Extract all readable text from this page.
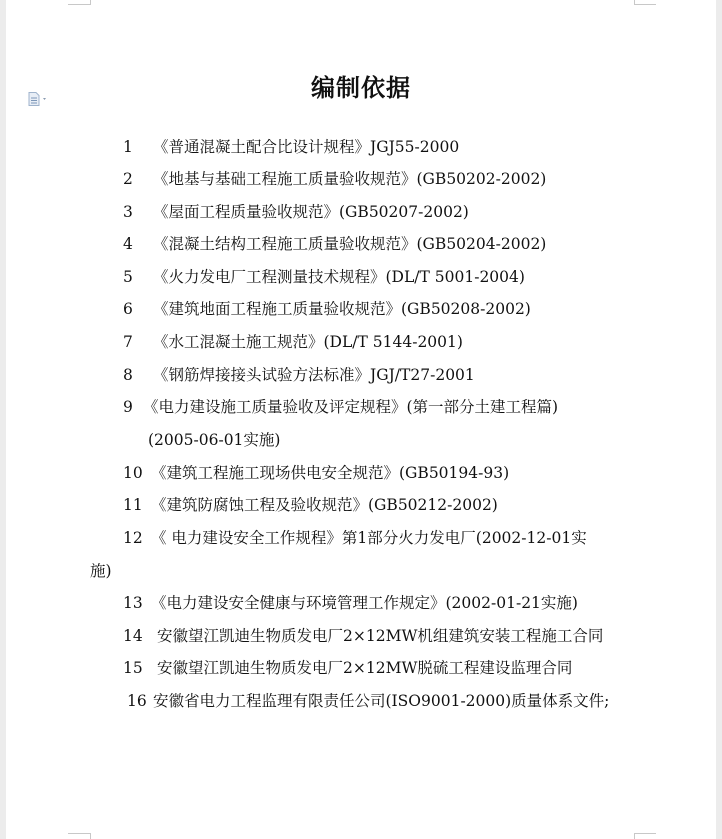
编制依据
1 《普通混凝土配合比设计规程》JGJ55-2000
2 《地基与基础工程施工质量验收规范》(GB50202-2002)
3 《屋面工程质量验收规范》(GB50207-2002)
4 《混凝土结构工程施工质量验收规范》(GB50204-2002)
5 《火力发电厂工程测量技术规程》(DL/T 5001-2004)
6 《建筑地面工程施工质量验收规范》(GB50208-2002)
7 《水工混凝土施工规范》(DL/T 5144-2001)
8 《钢筋焊接接头试验方法标准》JGJ/T27-2001
9 《电力建设施工质量验收及评定规程》(第一部分土建工程篇)
(2005-06-01实施)
10 《建筑工程施工现场供电安全规范》(GB50194-93)
11 《建筑防腐蚀工程及验收规范》(GB50212-2002)
12 《 电力建设安全工作规程》第1部分火力发电厂(2002-12-01实
施)
13 《电力建设安全健康与环境管理工作规定》(2002-01-21实施)
14 安徽望江凯迪生物质发电厂2×12MW机组建筑安装工程施工合同
15 安徽望江凯迪生物质发电厂2×12MW脱硫工程建设监理合同
16 安徽省电力工程监理有限责任公司(ISO9001-2000)质量体系文件;
